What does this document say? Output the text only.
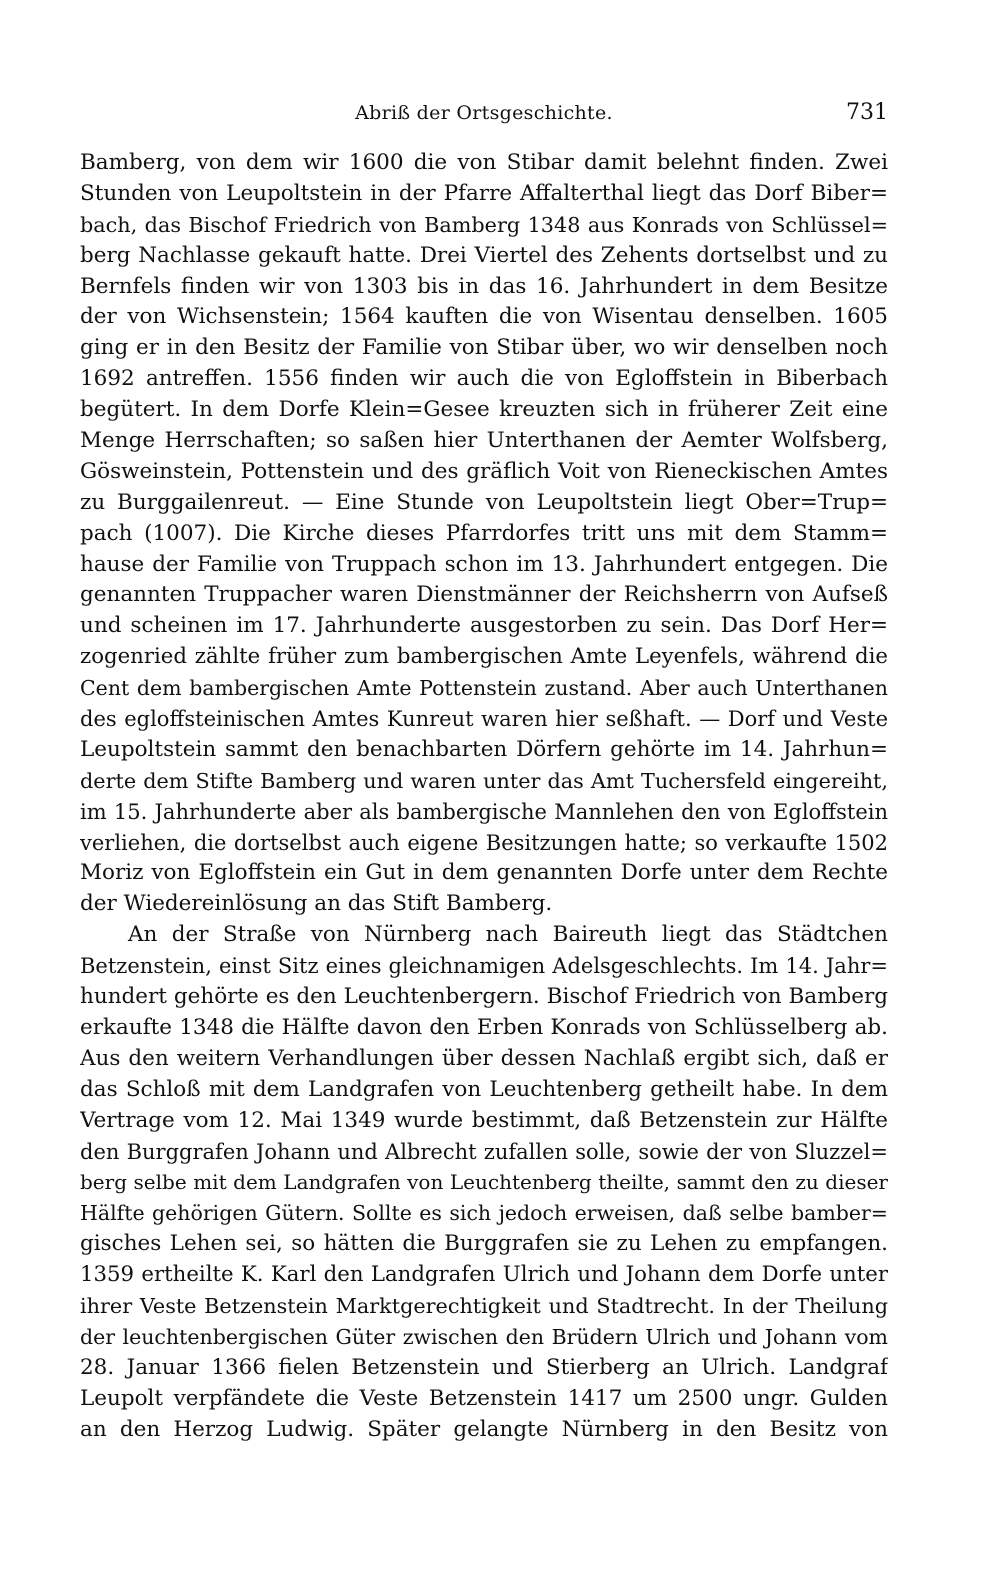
Abriß der Ortsgeschichte.	731
Bamberg, von dem wir 1600 die von Stibar damit belehnt finden. Zwei
Stunden von Leupoltstein in der Pfarre Affalterthal liegt das Dorf Biber=
bach, das Bischof Friedrich von Bamberg 1348 aus Konrads von Schlüssel=
berg Nachlasse gekauft hatte. Drei Viertel des Zehents dortselbst und zu
Bernfels finden wir von 1303 bis in das 16. Jahrhundert in dem Besitze
der von Wichsenstein; 1564 kauften die von Wisentau denselben. 1605
ging er in den Besitz der Familie von Stibar über, wo wir denselben noch
1692 antreffen. 1556 finden wir auch die von Egloffstein in Biberbach
begütert. In dem Dorfe Klein=Gesee kreuzten sich in früherer Zeit eine
Menge Herrschaften; so saßen hier Unterthanen der Aemter Wolfsberg,
Gösweinstein, Pottenstein und des gräflich Voit von Rieneckischen Amtes
zu Burggailenreut. — Eine Stunde von Leupoltstein liegt Ober=Trup=
pach (1007). Die Kirche dieses Pfarrdorfes tritt uns mit dem Stamm=
hause der Familie von Truppach schon im 13. Jahrhundert entgegen. Die
genannten Truppacher waren Dienstmänner der Reichsherrn von Aufseß
und scheinen im 17. Jahrhunderte ausgestorben zu sein. Das Dorf Her=
zogenried zählte früher zum bambergischen Amte Leyenfels, während die
Cent dem bambergischen Amte Pottenstein zustand. Aber auch Unterthanen
des egloffsteinischen Amtes Kunreut waren hier seßhaft. — Dorf und Veste
Leupoltstein sammt den benachbarten Dörfern gehörte im 14. Jahrhun=
derte dem Stifte Bamberg und waren unter das Amt Tuchersfeld eingereiht,
im 15. Jahrhunderte aber als bambergische Mannlehen den von Egloffstein
verliehen, die dortselbst auch eigene Besitzungen hatte; so verkaufte 1502
Moriz von Egloffstein ein Gut in dem genannten Dorfe unter dem Rechte
der Wiedereinlösung an das Stift Bamberg.
An der Straße von Nürnberg nach Baireuth liegt das Städtchen
Betzenstein, einst Sitz eines gleichnamigen Adelsgeschlechts. Im 14. Jahr=
hundert gehörte es den Leuchtenbergern. Bischof Friedrich von Bamberg
erkaufte 1348 die Hälfte davon den Erben Konrads von Schlüsselberg ab.
Aus den weitern Verhandlungen über dessen Nachlaß ergibt sich, daß er
das Schloß mit dem Landgrafen von Leuchtenberg getheilt habe. In dem
Vertrage vom 12. Mai 1349 wurde bestimmt, daß Betzenstein zur Hälfte
den Burggrafen Johann und Albrecht zufallen solle, sowie der von Sluzzel=
berg selbe mit dem Landgrafen von Leuchtenberg theilte, sammt den zu dieser
Hälfte gehörigen Gütern. Sollte es sich jedoch erweisen, daß selbe bamber=
gisches Lehen sei, so hätten die Burggrafen sie zu Lehen zu empfangen.
1359 ertheilte K. Karl den Landgrafen Ulrich und Johann dem Dorfe unter
ihrer Veste Betzenstein Marktgerechtigkeit und Stadtrecht. In der Theilung
der leuchtenbergischen Güter zwischen den Brüdern Ulrich und Johann vom
28. Januar 1366 fielen Betzenstein und Stierberg an Ulrich. Landgraf
Leupolt verpfändete die Veste Betzenstein 1417 um 2500 ungr. Gulden
an den Herzog Ludwig. Später gelangte Nürnberg in den Besitz von
